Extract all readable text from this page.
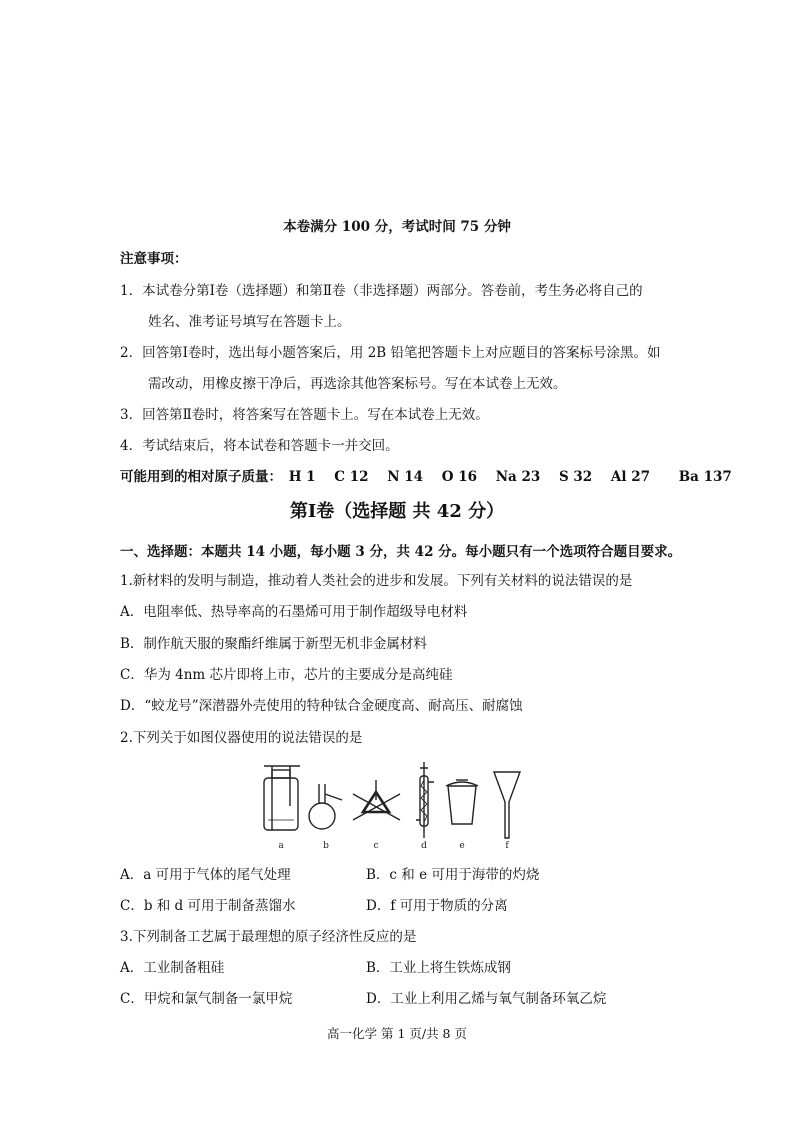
本卷满分 100 分，考试时间 75 分钟
注意事项：
1．本试卷分第Ⅰ卷（选择题）和第Ⅱ卷（非选择题）两部分。答卷前，考生务必将自己的
姓名、准考证号填写在答题卡上。
2．回答第Ⅰ卷时，选出每小题答案后，用 2B 铅笔把答题卡上对应题目的答案标号涂黑。如
需改动，用橡皮擦干净后，再选涂其他答案标号。写在本试卷上无效。
3．回答第Ⅱ卷时，将答案写在答题卡上。写在本试卷上无效。
4．考试结束后，将本试卷和答题卡一并交回。
可能用到的相对原子质量： H 1 C 12 N 14 O 16 Na 23 S 32 Al 27 Ba 137
第Ⅰ卷（选择题 共 42 分）
一、选择题：本题共 14 小题，每小题 3 分，共 42 分。每小题只有一个选项符合题目要求。
1.新材料的发明与制造，推动着人类社会的进步和发展。下列有关材料的说法错误的是
A．电阻率低、热导率高的石墨烯可用于制作超级导电材料
B．制作航天服的聚酯纤维属于新型无机非金属材料
C．华为 4nm 芯片即将上市，芯片的主要成分是高纯硅
D．“蛟龙号”深潜器外壳使用的特种钛合金硬度高、耐高压、耐腐蚀
2.下列关于如图仪器使用的说法错误的是
a	b	c	d	e	f
A．a 可用于气体的尾气处理	B．c 和 e 可用于海带的灼烧
C．b 和 d 可用于制备蒸馏水	D．f 可用于物质的分离
3.下列制备工艺属于最理想的原子经济性反应的是
A．工业制备粗硅	B．工业上将生铁炼成钢
C．甲烷和氯气制备一氯甲烷	D．工业上利用乙烯与氧气制备环氧乙烷
高一化学 第 1 页/共 8 页
